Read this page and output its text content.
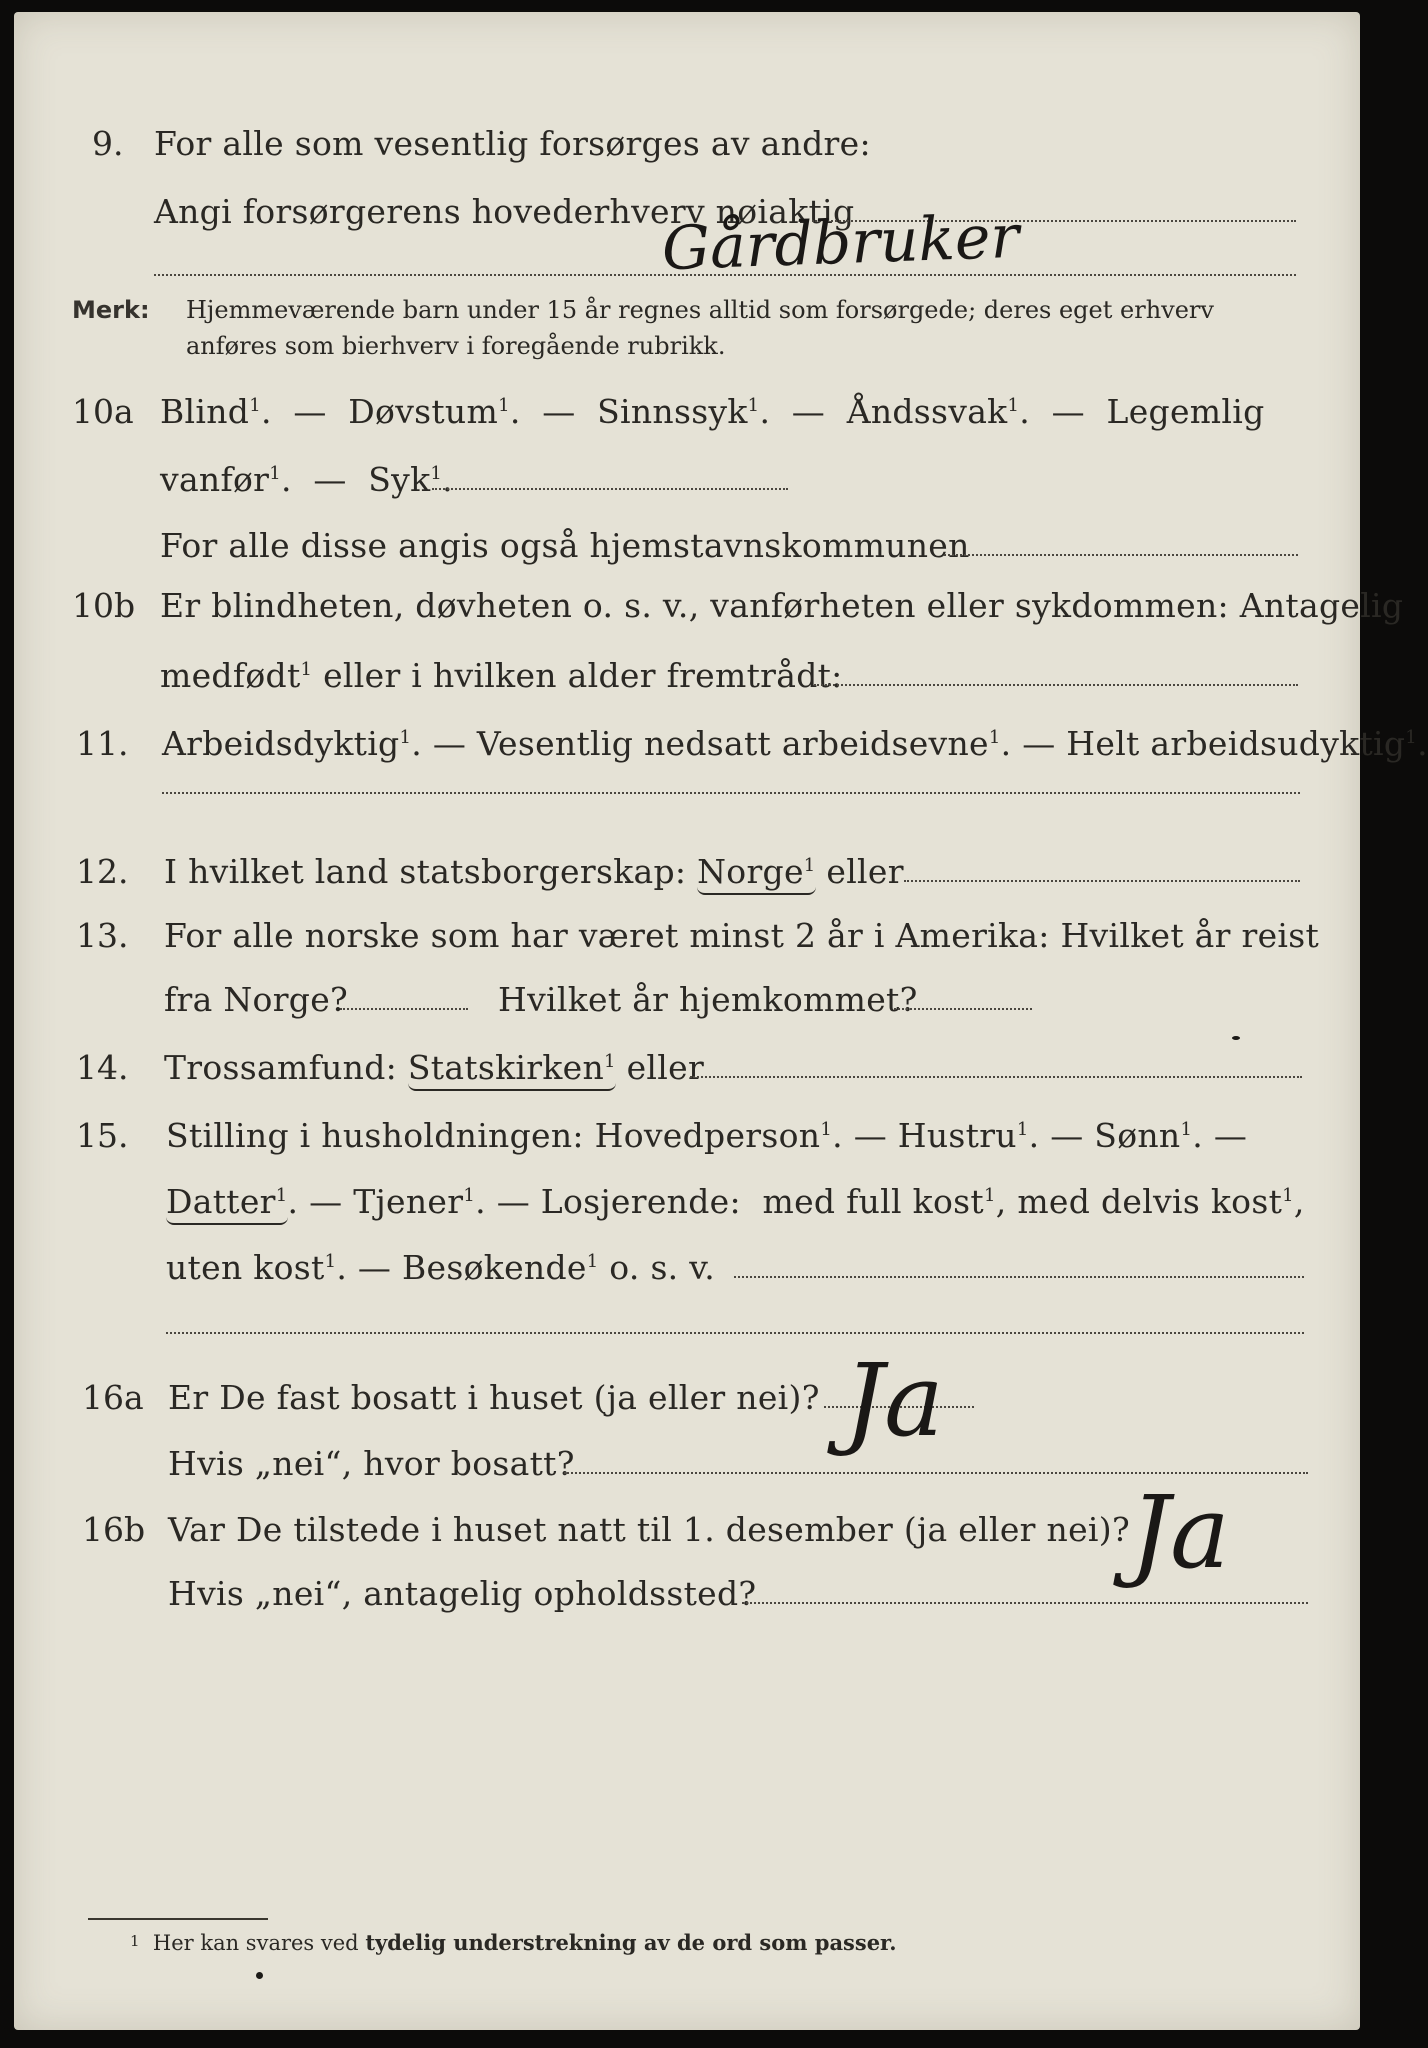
9. For alle som vesentlig forsørges av andre:
Angi forsørgerens hovederhverv nøiaktig
Gårdbruker
Merk: Hjemmeværende barn under 15 år regnes alltid som forsørgede; deres eget erhverv
anføres som bierhverv i foregående rubrikk.
10a Blind$^1$.  —  Døvstum$^1$.  —  Sinnssyk$^1$.  —  Åndssvak$^1$.  —  Legemlig
vanfør$^1$.  —  Syk$^1$.
For alle disse angis også hjemstavnskommunen
10b Er blindheten, døvheten o. s. v., vanførheten eller sykdommen: Antagelig
medfødt$^1$ eller i hvilken alder fremtrådt:
11. Arbeidsdyktig$^1$. — Vesentlig nedsatt arbeidsevne$^1$. — Helt arbeidsudyktig$^1$.
12. I hvilket land statsborgerskap: Norge$^1$ eller
13. For alle norske som har været minst 2 år i Amerika: Hvilket år reist
fra Norge?	Hvilket år hjemkommet?
14. Trossamfund: Statskirken$^1$ eller
15. Stilling i husholdningen: Hovedperson$^1$. — Hustru$^1$. — Sønn$^1$. —
Datter$^1$. — Tjener$^1$. — Losjerende: med full kost$^1$, med delvis kost$^1$,
uten kost$^1$. — Besøkende$^1$ o. s. v.
16a Er De fast bosatt i huset (ja eller nei)? Ja
Hvis „nei“, hvor bosatt?
16b Var De tilstede i huset natt til 1. desember (ja eller nei)? Ja
Hvis „nei“, antagelig opholdssted?
1 Her kan svares ved tydelig understrekning av de ord som passer.
